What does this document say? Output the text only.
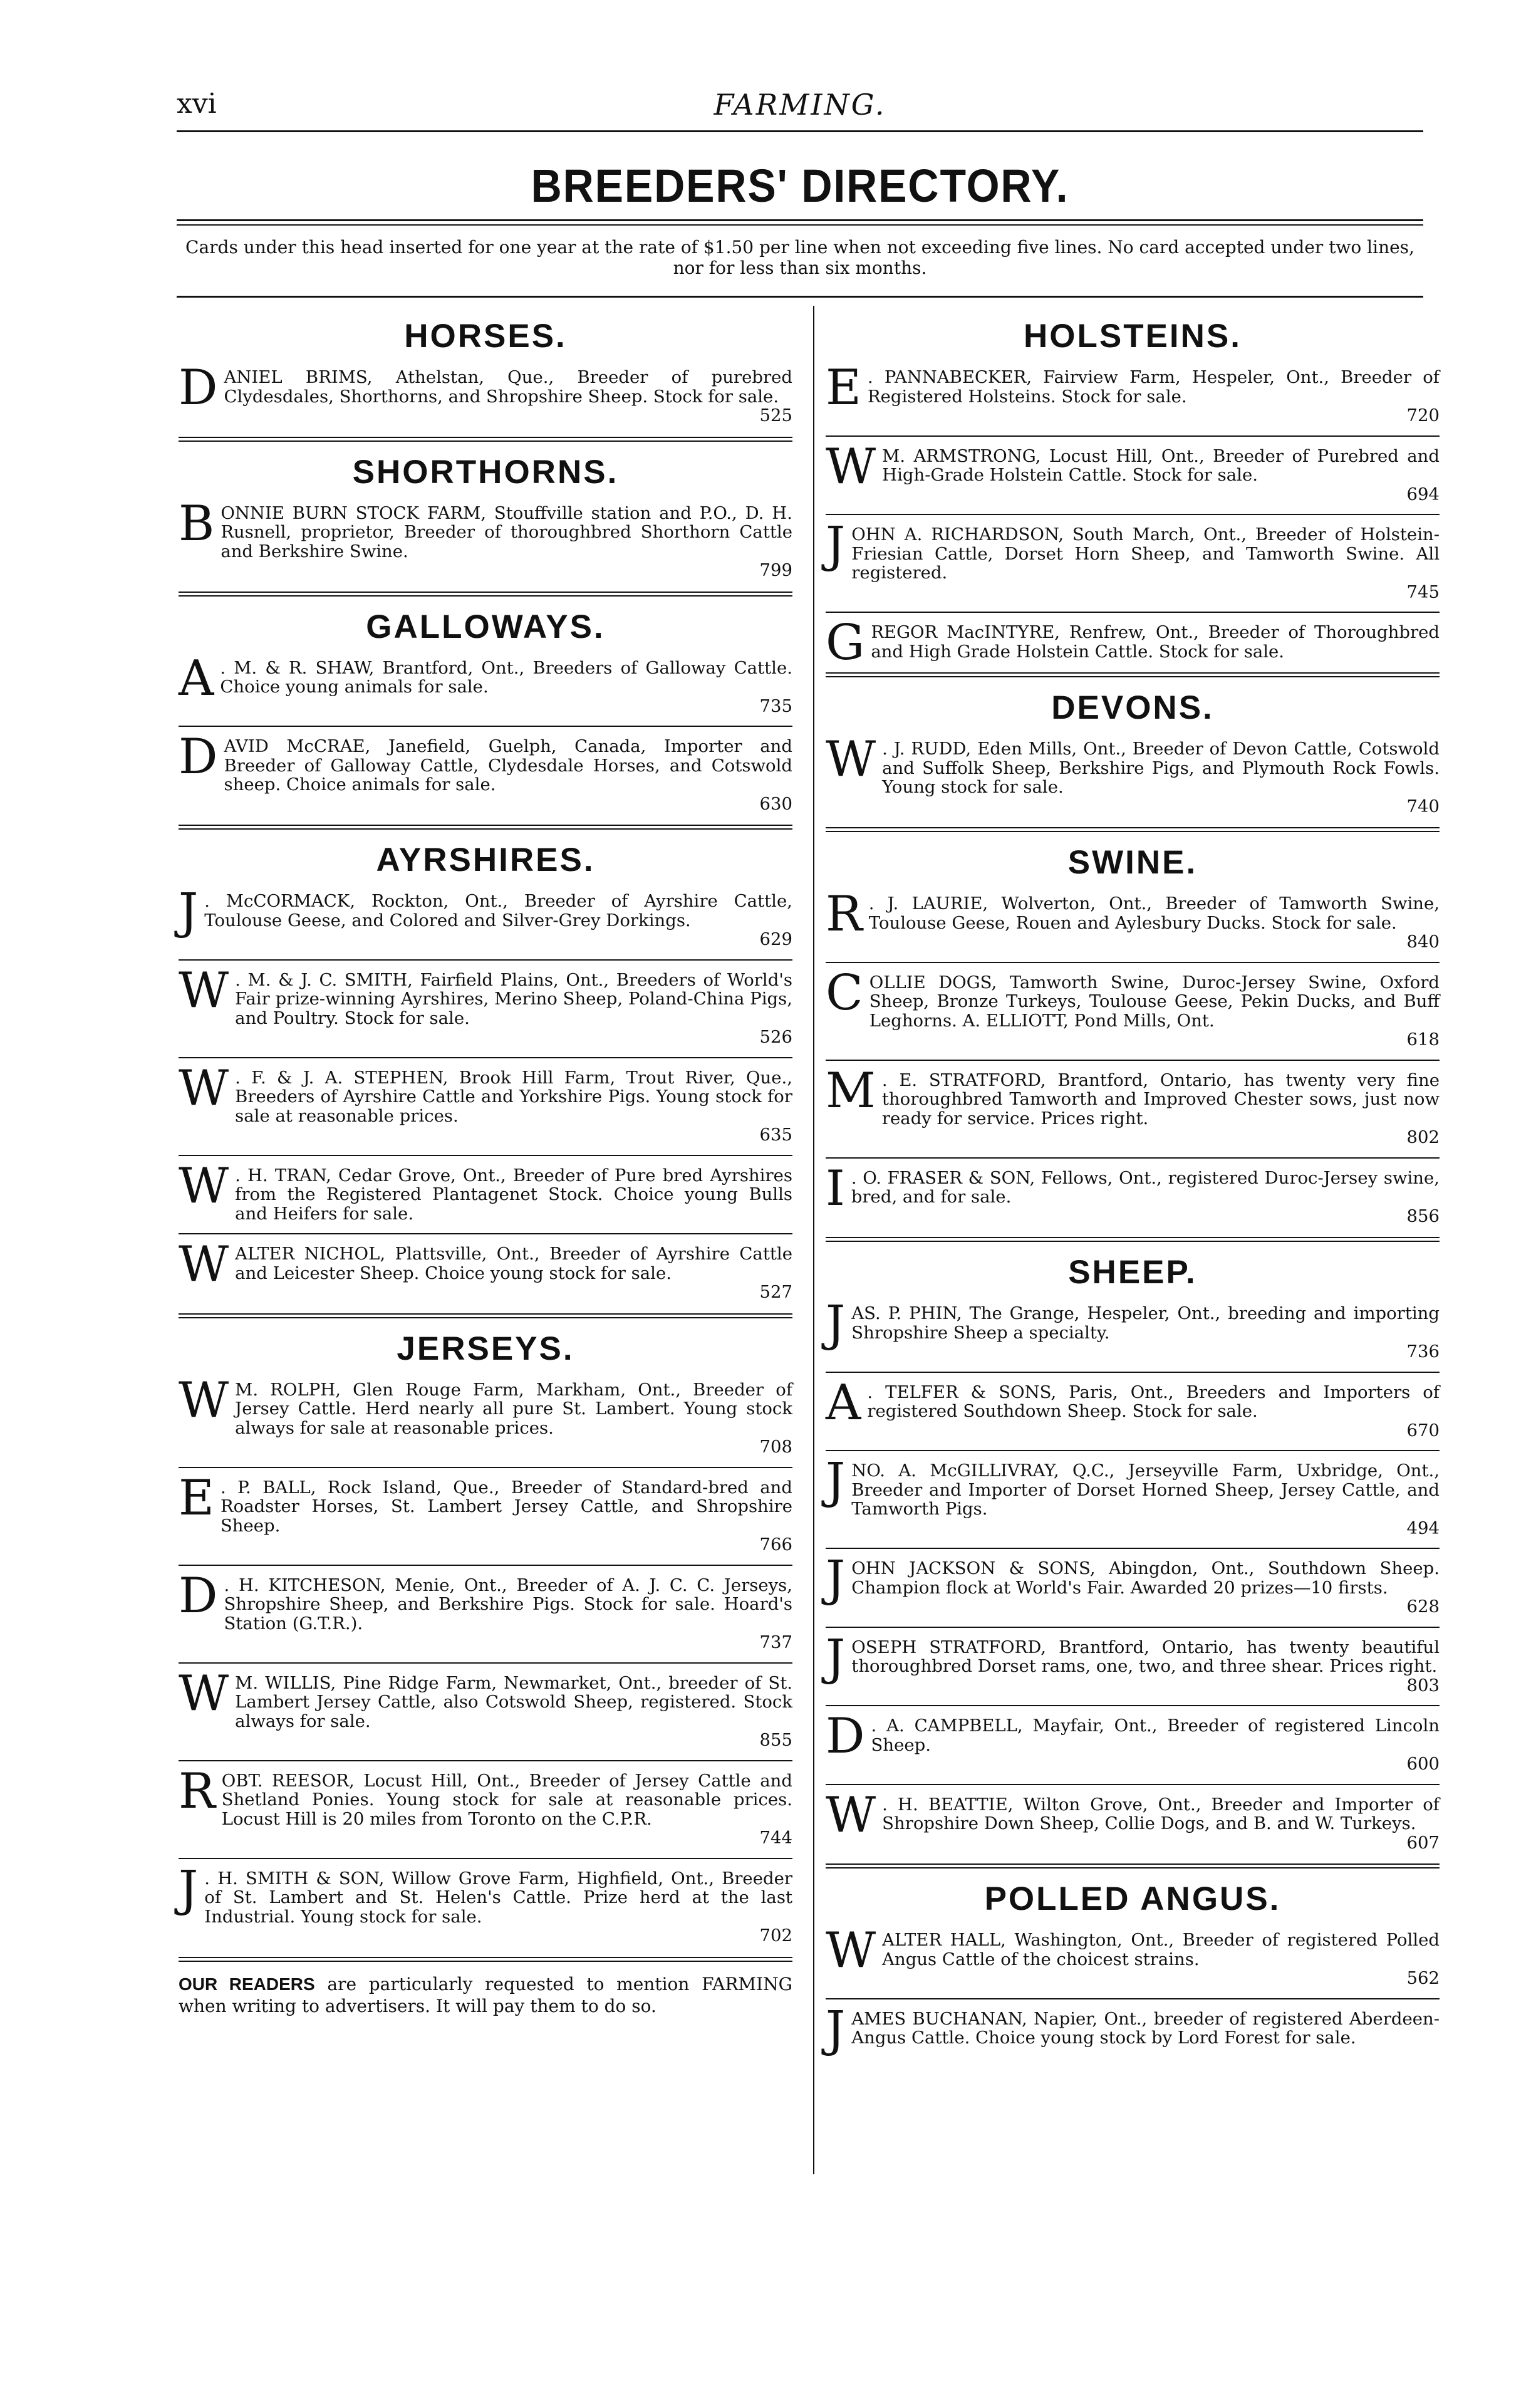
xvi	FARMING.
BREEDERS' DIRECTORY.
Cards under this head inserted for one year at the rate of $1.50 per line when not exceeding five lines. No card accepted under two lines, nor for less than six months.
HORSES.
DANIEL BRIMS, Athelstan, Que., Breeder of purebred Clydesdales, Shorthorns, and Shropshire Sheep. Stock for sale.
525
SHORTHORNS.
BONNIE BURN STOCK FARM, Stouffville station and P.O., D. H. Rusnell, proprietor, Breeder of thoroughbred Shorthorn Cattle and Berkshire Swine.
799
GALLOWAYS.
A . M. & R. SHAW, Brantford, Ont., Breeders of Galloway Cattle. Choice young animals for sale.
735
DAVID McCRAE, Janefield, Guelph, Canada, Importer and Breeder of Galloway Cattle, Clydesdale Horses, and Cotswold sheep. Choice animals for sale.
630
AYRSHIRES.
J . McCORMACK, Rockton, Ont., Breeder of Ayrshire Cattle, Toulouse Geese, and Colored and Silver-Grey Dorkings.
629
W . M. & J. C. SMITH, Fairfield Plains, Ont., Breeders of World's Fair prize-winning Ayrshires, Merino Sheep, Poland-China Pigs, and Poultry. Stock for sale.
526
W . F. & J. A. STEPHEN, Brook Hill Farm, Trout River, Que., Breeders of Ayrshire Cattle and Yorkshire Pigs. Young stock for sale at reasonable prices.
635
W . H. TRAN, Cedar Grove, Ont., Breeder of Pure bred Ayrshires from the Registered Plantagenet Stock. Choice young Bulls and Heifers for sale.
WALTER NICHOL, Plattsville, Ont., Breeder of Ayrshire Cattle and Leicester Sheep. Choice young stock for sale.
527
JERSEYS.
W M. ROLPH, Glen Rouge Farm, Markham, Ont., Breeder of Jersey Cattle. Herd nearly all pure St. Lambert. Young stock always for sale at reasonable prices.
708
E . P. BALL, Rock Island, Que., Breeder of Standard-bred and Roadster Horses, St. Lambert Jersey Cattle, and Shropshire Sheep.
766
D . H. KITCHESON, Menie, Ont., Breeder of A. J. C. C. Jerseys, Shropshire Sheep, and Berkshire Pigs. Stock for sale. Hoard's Station (G.T.R.).
737
W M. WILLIS, Pine Ridge Farm, Newmarket, Ont., breeder of St. Lambert Jersey Cattle, also Cotswold Sheep, registered. Stock always for sale.
855
ROBT. REESOR, Locust Hill, Ont., Breeder of Jersey Cattle and Shetland Ponies. Young stock for sale at reasonable prices. Locust Hill is 20 miles from Toronto on the C.P.R.
744
J . H. SMITH & SON, Willow Grove Farm, Highfield, Ont., Breeder of St. Lambert and St. Helen's Cattle. Prize herd at the last Industrial. Young stock for sale.
702
OUR READERS are particularly requested to mention FARMING when writing to advertisers. It will pay them to do so.
HOLSTEINS.
E . PANNABECKER, Fairview Farm, Hespeler, Ont., Breeder of Registered Holsteins. Stock for sale.
720
W M. ARMSTRONG, Locust Hill, Ont., Breeder of Purebred and High-Grade Holstein Cattle. Stock for sale.
694
JOHN A. RICHARDSON, South March, Ont., Breeder of Holstein-Friesian Cattle, Dorset Horn Sheep, and Tamworth Swine. All registered.
745
GREGOR MacINTYRE, Renfrew, Ont., Breeder of Thoroughbred and High Grade Holstein Cattle. Stock for sale.
DEVONS.
W . J. RUDD, Eden Mills, Ont., Breeder of Devon Cattle, Cotswold and Suffolk Sheep, Berkshire Pigs, and Plymouth Rock Fowls. Young stock for sale.
740
SWINE.
R . J. LAURIE, Wolverton, Ont., Breeder of Tamworth Swine, Toulouse Geese, Rouen and Aylesbury Ducks. Stock for sale.
840
COLLIE DOGS, Tamworth Swine, Duroc-Jersey Swine, Oxford Sheep, Bronze Turkeys, Toulouse Geese, Pekin Ducks, and Buff Leghorns. A. ELLIOTT, Pond Mills, Ont.
618
M . E. STRATFORD, Brantford, Ontario, has twenty very fine thoroughbred Tamworth and Improved Chester sows, just now ready for service. Prices right.
802
I . O. FRASER & SON, Fellows, Ont., registered Duroc-Jersey swine, bred, and for sale.
856
SHEEP.
JAS. P. PHIN, The Grange, Hespeler, Ont., breeding and importing Shropshire Sheep a specialty.
736
A . TELFER & SONS, Paris, Ont., Breeders and Importers of registered Southdown Sheep. Stock for sale.
670
JNO. A. McGILLIVRAY, Q.C., Jerseyville Farm, Uxbridge, Ont., Breeder and Importer of Dorset Horned Sheep, Jersey Cattle, and Tamworth Pigs.
494
JOHN JACKSON & SONS, Abingdon, Ont., Southdown Sheep. Champion flock at World's Fair. Awarded 20 prizes—10 firsts.
628
JOSEPH STRATFORD, Brantford, Ontario, has twenty beautiful thoroughbred Dorset rams, one, two, and three shear. Prices right.
803
D . A. CAMPBELL, Mayfair, Ont., Breeder of registered Lincoln Sheep.
600
W . H. BEATTIE, Wilton Grove, Ont., Breeder and Importer of Shropshire Down Sheep, Collie Dogs, and B. and W. Turkeys.
607
POLLED ANGUS.
WALTER HALL, Washington, Ont., Breeder of registered Polled Angus Cattle of the choicest strains.
562
JAMES BUCHANAN, Napier, Ont., breeder of registered Aberdeen-Angus Cattle. Choice young stock by Lord Forest for sale.
